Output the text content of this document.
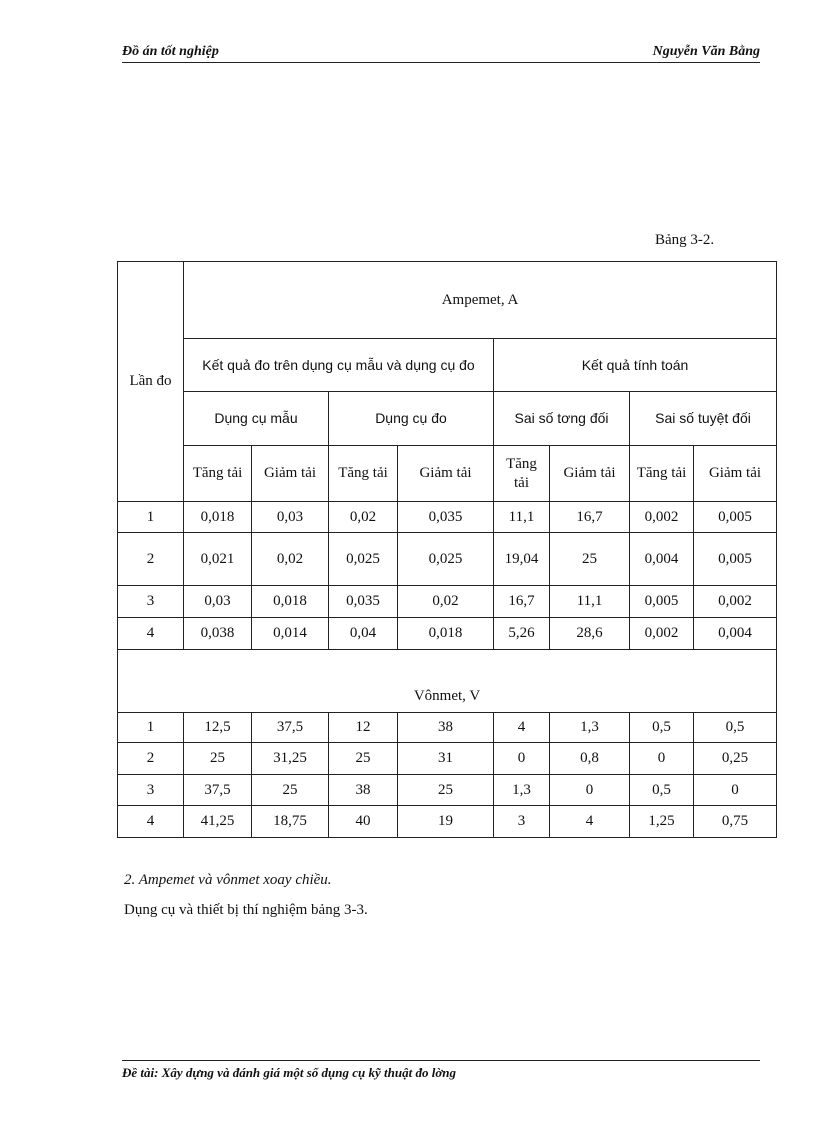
Đồ án tốt nghiệp	Nguyễn Văn Bằng
Bảng 3-2.
Lần đo	Ampemet, A							
	Kết quả đo trên dụng cụ mẫu và dụng cụ đo				Kết quả tính toán			
	Dụng cụ mẫu		Dụng cụ đo		Sai số tơng đối		Sai số tuyệt đối	
	Tăng tải	Giảm tải	Tăng tải	Giảm tải	Tăng tải	Giảm tải	Tăng tải	Giảm tải
1	0,018	0,03	0,02	0,035	11,1	16,7	0,002	0,005
2	0,021	0,02	0,025	0,025	19,04	25	0,004	0,005
3	0,03	0,018	0,035	0,02	16,7	11,1	0,005	0,002
4	0,038	0,014	0,04	0,018	5,26	28,6	0,002	0,004

Vônmet, V								
1	12,5	37,5	12	38	4	1,3	0,5	0,5
2	25	31,25	25	31	0	0,8	0	0,25
3	37,5	25	38	25	1,3	0	0,5	0
4	41,25	18,75	40	19	3	4	1,25	0,75
2. Ampemet và vônmet xoay chiều.
Dụng cụ và thiết bị thí nghiệm bảng 3-3.
Đề tài: Xây dựng và đánh giá một số dụng cụ kỹ thuật đo lờng
